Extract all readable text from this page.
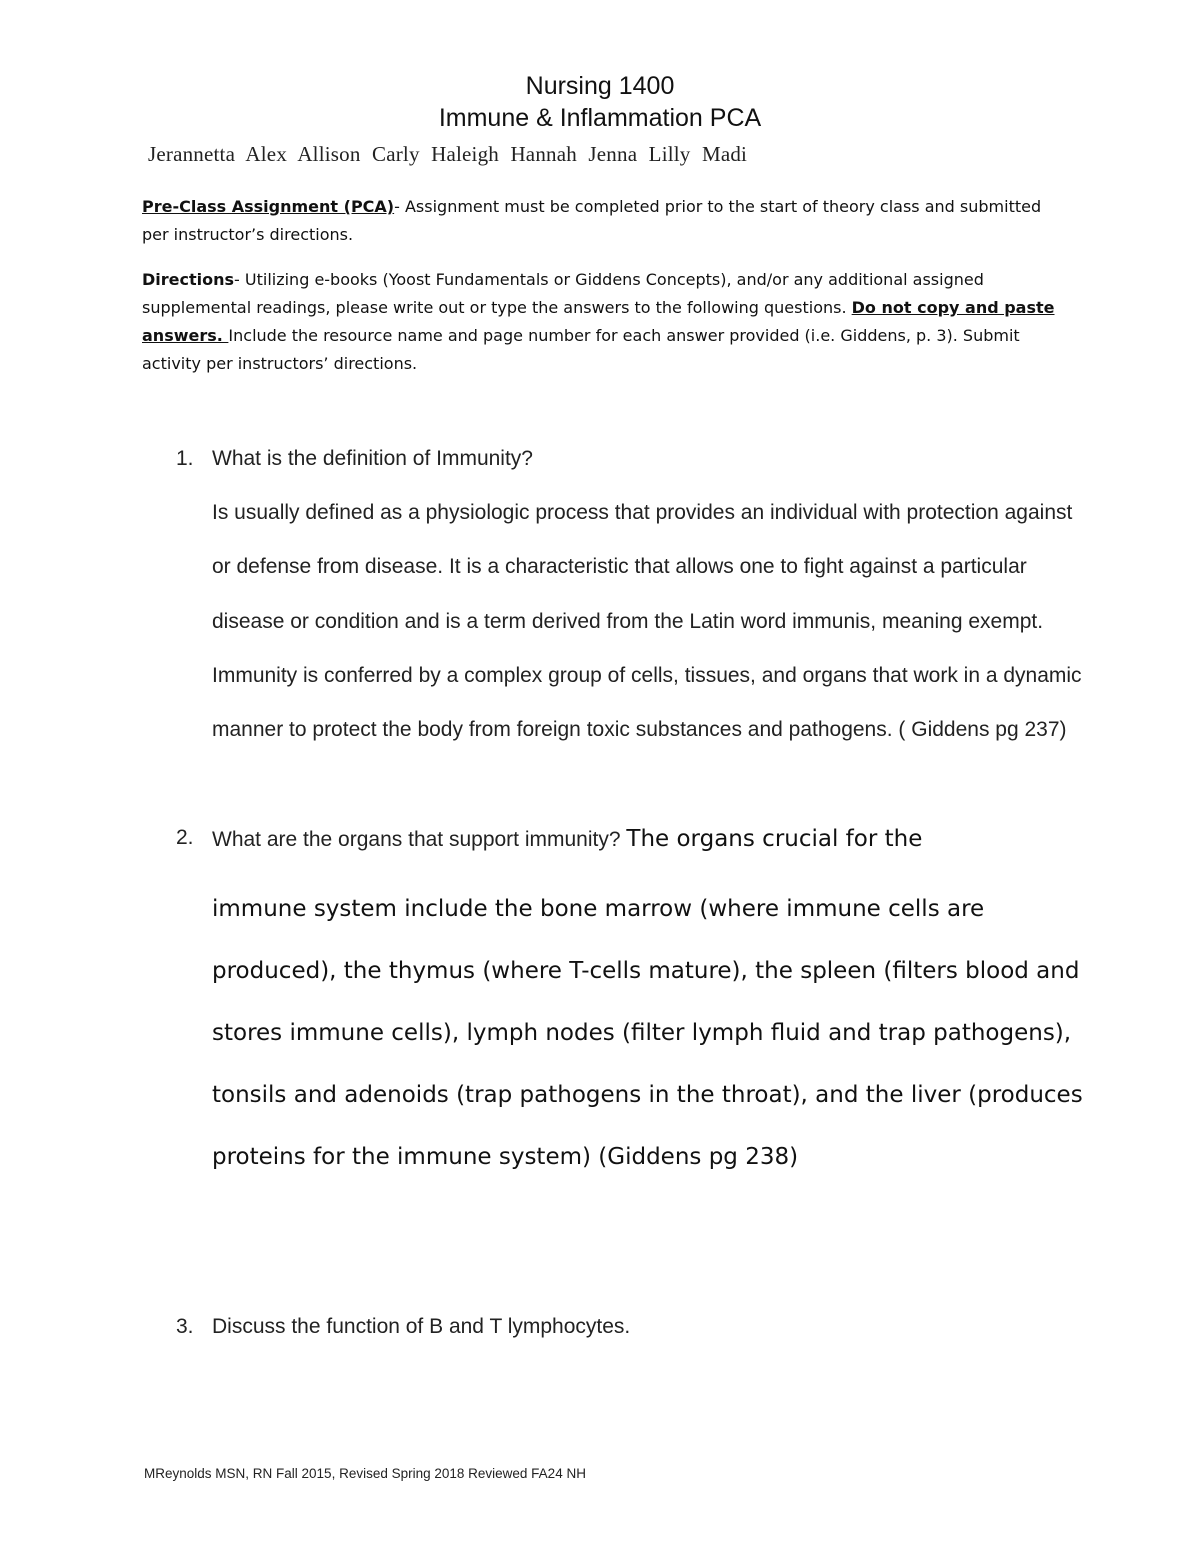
Nursing 1400
Immune & Inflammation PCA
Jerannetta Alex Allison Carly Haleigh Hannah Jenna Lilly Madi
Pre-Class Assignment (PCA)- Assignment must be completed prior to the start of theory class and submitted per instructor’s directions.
Directions- Utilizing e-books (Yoost Fundamentals or Giddens Concepts), and/or any additional assigned supplemental readings, please write out or type the answers to the following questions. Do not copy and paste answers. Include the resource name and page number for each answer provided (i.e. Giddens, p. 3). Submit activity per instructors’ directions.
1. What is the definition of Immunity?
Is usually defined as a physiologic process that provides an individual with protection against or defense from disease. It is a characteristic that allows one to fight against a particular disease or condition and is a term derived from the Latin word immunis, meaning exempt. Immunity is conferred by a complex group of cells, tissues, and organs that work in a dynamic manner to protect the body from foreign toxic substances and pathogens. ( Giddens pg 237)
2. What are the organs that support immunity? The organs crucial for the
immune system include the bone marrow (where immune cells are produced), the thymus (where T-cells mature), the spleen (filters blood and stores immune cells), lymph nodes (filter lymph fluid and trap pathogens), tonsils and adenoids (trap pathogens in the throat), and the liver (produces proteins for the immune system) (Giddens pg 238)
3. Discuss the function of B and T lymphocytes.
MReynolds MSN, RN Fall 2015, Revised Spring 2018 Reviewed FA24 NH
